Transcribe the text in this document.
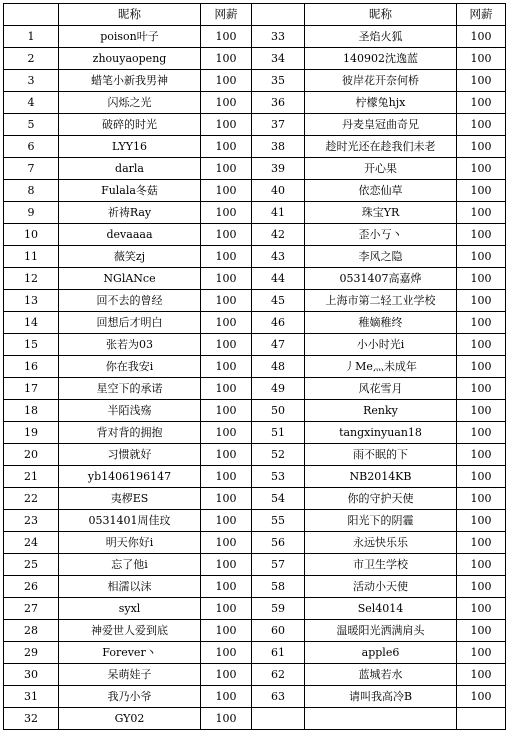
	昵称	网薪		昵称	网薪
1	poison叶子	100	33	圣焰火狐	100
2	zhouyaopeng	100	34	140902沈逸蓝	100
3	蜡笔小新我男神	100	35	彼岸花开奈何桥	100
4	闪烁之光	100	36	柠檬兔hjx	100
5	破碎的时光	100	37	丹麦皇冠曲奇兄	100
6	LYY16	100	38	趁时光还在趁我们未老	100
7	darla	100	39	开心果	100
8	Fulala冬菇	100	40	依恋仙草	100
9	祈祷Ray	100	41	珠宝YR	100
10	devaaaa	100	42	歪小丂丶	100
11	薇笑zj	100	43	李风之隐	100
12	NGlANce	100	44	0531407高嘉烨	100
13	回不去的曾经	100	45	上海市第二轻工业学校	100
14	回想后才明白	100	46	稚嫡稚终	100
15	张若为03	100	47	小小时光i	100
16	你在我安i	100	48	丿Me灬未成年	100
17	星空下的承诺	100	49	风花雪月	100
18	半陌浅殇	100	50	Renky	100
19	背对背的拥抱	100	51	tangxinyuan18	100
20	习惯就好	100	52	雨不眠的下	100
21	yb1406196147	100	53	NB2014KB	100
22	夷椤ES	100	54	你的守护天使	100
23	0531401周佳玟	100	55	阳光下的阴霾	100
24	明天你好i	100	56	永远快乐乐	100
25	忘了他i	100	57	市卫生学校	100
26	相濡以沫	100	58	活动小天使	100
27	syxl	100	59	Sel4014	100
28	神爱世人爱到底	100	60	温暖阳光洒满肩头	100
29	Forever丶	100	61	apple6	100
30	呆萌娃子	100	62	蓝城若水	100
31	我乃小爷	100	63	请叫我高冷B	100
32	GY02	100			
